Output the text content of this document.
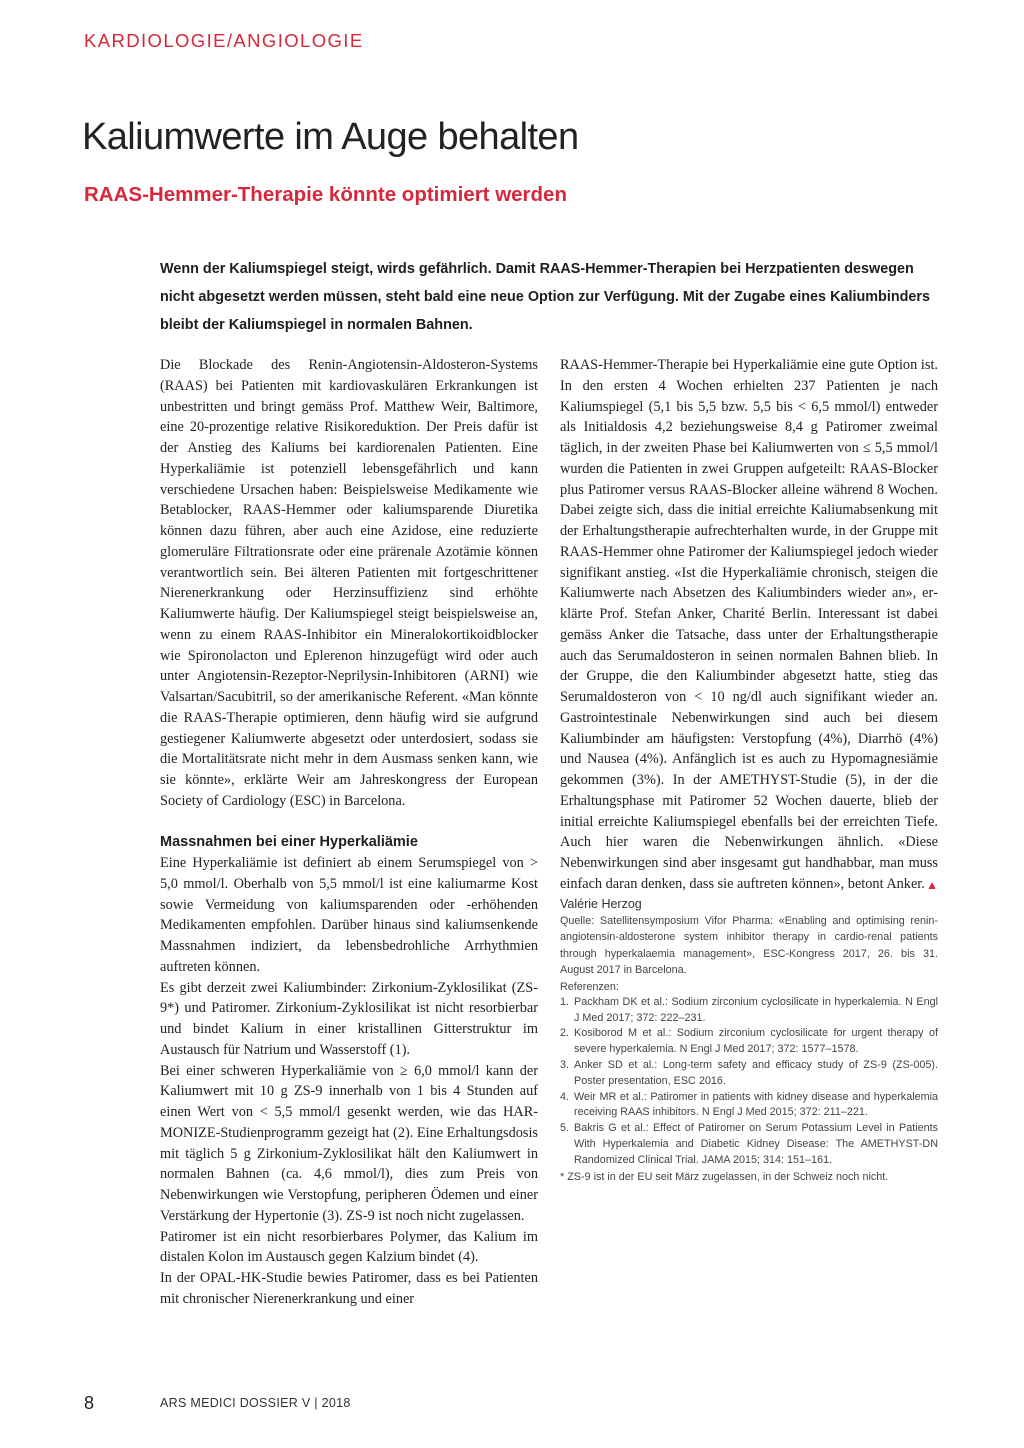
KARDIOLOGIE/ANGIOLOGIE

Kaliumwerte im Auge behalten
RAAS-Hemmer-Therapie könnte optimiert werden

Wenn der Kaliumspiegel steigt, wirds gefährlich. Damit RAAS-Hemmer-Therapien bei Herzpatienten deswegen nicht abgesetzt werden müssen, steht bald eine neue Option zur Verfügung. Mit der Zugabe eines Kaliumbinders bleibt der Kaliumspiegel in normalen Bahnen.

Die Blockade des Renin-Angiotensin-Aldosteron-Systems (RAAS) bei Patienten mit kardiovaskulären Erkrankungen ist unbestritten und bringt gemäss Prof. Matthew Weir, Baltimore, eine 20-prozentige relative Risikoreduktion. Der Preis dafür ist der Anstieg des Kaliums bei kardiorenalen Patienten. Eine Hyperkaliämie ist potenziell lebensgefährlich und kann verschiedene Ursachen haben: Beispielsweise Medikamente wie Betablocker, RAAS-Hemmer oder kaliumsparende Diuretika können dazu führen, aber auch eine Azidose, eine reduzierte glomeruläre Filtrationsrate oder eine prärenale Azotämie können verantwortlich sein. Bei älteren Patienten mit fortgeschrittener Nierenerkrankung oder Herzinsuffizienz sind erhöhte Kaliumwerte häufig. Der Kaliumspiegel steigt beispielsweise an, wenn zu einem RAAS-Inhibitor ein Mineralokortikoidblocker wie Spironolacton und Eplerenon hinzugefügt wird oder auch unter Angiotensin-Rezeptor-Neprilysin-Inhibitoren (ARNI) wie Valsartan/Sacubitril, so der amerikanische Referent. «Man könnte die RAAS-Therapie optimieren, denn häufig wird sie aufgrund gestiegener Kaliumwerte abgesetzt oder unterdosiert, sodass sie die Mortalitätsrate nicht mehr in dem Ausmass senken kann, wie sie könnte», erklärte Weir am Jahreskongress der European Society of Cardiology (ESC) in Barcelona.

Massnahmen bei einer Hyperkaliämie

Eine Hyperkaliämie ist definiert ab einem Serumspiegel von > 5,0 mmol/l. Oberhalb von 5,5 mmol/l ist eine kaliumarme Kost sowie Vermeidung von kaliumsparenden oder -erhöhenden Medikamenten empfohlen. Darüber hinaus sind kaliumsenkende Massnahmen indiziert, da lebensbedrohliche Arrhythmien auftreten können.

Es gibt derzeit zwei Kaliumbinder: Zirkonium-Zyklosilikat (ZS-9*) und Patiromer. Zirkonium-Zyklosilikat ist nicht resorbierbar und bindet Kalium in einer kristallinen Gitterstruktur im Austausch für Natrium und Wasserstoff (1).

Bei einer schweren Hyperkaliämie von ≥ 6,0 mmol/l kann der Kaliumwert mit 10 g ZS-9 innerhalb von 1 bis 4 Stunden auf einen Wert von < 5,5 mmol/l gesenkt werden, wie das HARMONIZE-Studienprogramm gezeigt hat (2). Eine Erhaltungsdosis mit täglich 5 g Zirkonium-Zyklosilikat hält den Kaliumwert in normalen Bahnen (ca. 4,6 mmol/l), dies zum Preis von Nebenwirkungen wie Verstopfung, peripheren Ödemen und einer Verstärkung der Hypertonie (3). ZS-9 ist noch nicht zugelassen.

Patiromer ist ein nicht resorbierbares Polymer, das Kalium im distalen Kolon im Austausch gegen Kalzium bindet (4).

In der OPAL-HK-Studie bewies Patiromer, dass es bei Patienten mit chronischer Nierenerkrankung und einer

RAAS-Hemmer-Therapie bei Hyperkaliämie eine gute Option ist. In den ersten 4 Wochen erhielten 237 Patienten je nach Kaliumspiegel (5,1 bis 5,5 bzw. 5,5 bis < 6,5 mmol/l) entweder als Initialdosis 4,2 beziehungsweise 8,4 g Patiromer zweimal täglich, in der zweiten Phase bei Kaliumwerten von ≤ 5,5 mmol/l wurden die Patienten in zwei Gruppen aufgeteilt: RAAS-Blocker plus Patiromer versus RAAS-Blocker alleine während 8 Wochen. Dabei zeigte sich, dass die initial erreichte Kaliumabsenkung mit der Erhaltungstherapie aufrechterhalten wurde, in der Gruppe mit RAAS-Hemmer ohne Patiromer der Kaliumspiegel jedoch wieder signifikant anstieg. «Ist die Hyperkaliämie chronisch, steigen die Kaliumwerte nach Absetzen des Kaliumbinders wieder an», erklärte Prof. Stefan Anker, Charité Berlin. Interessant ist dabei gemäss Anker die Tatsache, dass unter der Erhaltungstherapie auch das Serumaldosteron in seinen normalen Bahnen blieb. In der Gruppe, die den Kaliumbinder abgesetzt hatte, stieg das Serumaldosteron von < 10 ng/dl auch signifikant wieder an. Gastrointestinale Nebenwirkungen sind auch bei diesem Kaliumbinder am häufigsten: Verstopfung (4%), Diarrhö (4%) und Nausea (4%). Anfänglich ist es auch zu Hypomagnesiämie gekommen (3%). In der AMETHYST-Studie (5), in der die Erhaltungsphase mit Patiromer 52 Wochen dauerte, blieb der initial erreichte Kaliumspiegel ebenfalls bei der erreichten Tiefe. Auch hier waren die Nebenwirkungen ähnlich. «Diese Nebenwirkungen sind aber insgesamt gut handhabbar, man muss einfach daran denken, dass sie auftreten können», betont Anker. ▲

Valérie Herzog

Quelle: Satellitensymposium Vifor Pharma: «Enabling and optimising renin-angiotensin-aldosterone system inhibitor therapy in cardio-renal patients through hyperkalaemia management», ESC-Kongress 2017, 26. bis 31. August 2017 in Barcelona.

Referenzen:

1. Packham DK et al.: Sodium zirconium cyclosilicate in hyperkalemia. N Engl J Med 2017; 372: 222–231.
2. Kosiborod M et al.: Sodium zirconium cyclosilicate for urgent therapy of severe hyperkalemia. N Engl J Med 2017; 372: 1577–1578.
3. Anker SD et al.: Long-term safety and efficacy study of ZS-9 (ZS-005). Poster presentation, ESC 2016.
4. Weir MR et al.: Patiromer in patients with kidney disease and hyperkalemia receiving RAAS inhibitors. N Engl J Med 2015; 372: 211–221.
5. Bakris G et al.: Effect of Patiromer on Serum Potassium Level in Patients With Hyperkalemia and Diabetic Kidney Disease: The AMETHYST-DN Randomized Clinical Trial. JAMA 2015; 314: 151–161.

* ZS-9 ist in der EU seit März zugelassen, in der Schweiz noch nicht.

8	ARS MEDICI DOSSIER V | 2018
